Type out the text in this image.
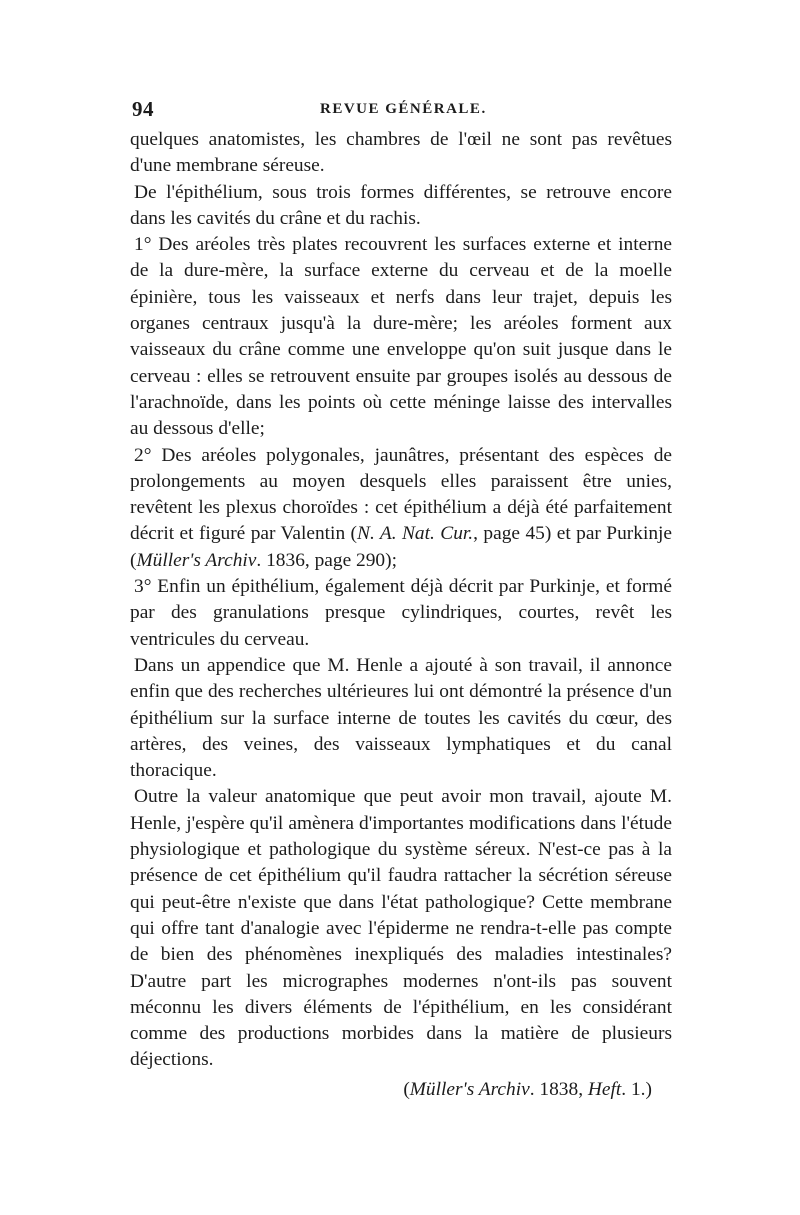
94	REVUE GÉNÉRALE.

quelques anatomistes, les chambres de l'œil ne sont pas revêtues d'une membrane séreuse.

De l'épithélium, sous trois formes différentes, se retrouve encore dans les cavités du crâne et du rachis.

1° Des aréoles très plates recouvrent les surfaces externe et interne de la dure-mère, la surface externe du cerveau et de la moelle épinière, tous les vaisseaux et nerfs dans leur trajet, depuis les organes centraux jusqu'à la dure-mère; les aréoles forment aux vaisseaux du crâne comme une enveloppe qu'on suit jusque dans le cerveau : elles se retrouvent ensuite par groupes isolés au dessous de l'arachnoïde, dans les points où cette méninge laisse des intervalles au dessous d'elle;

2° Des aréoles polygonales, jaunâtres, présentant des espèces de prolongements au moyen desquels elles paraissent être unies, revêtent les plexus choroïdes : cet épithélium a déjà été parfaitement décrit et figuré par Valentin (N. A. Nat. Cur., page 45) et par Purkinje (Müller's Archiv. 1836, page 290);

3° Enfin un épithélium, également déjà décrit par Purkinje, et formé par des granulations presque cylindriques, courtes, revêt les ventricules du cerveau.

Dans un appendice que M. Henle a ajouté à son travail, il annonce enfin que des recherches ultérieures lui ont démontré la présence d'un épithélium sur la surface interne de toutes les cavités du cœur, des artères, des veines, des vaisseaux lymphatiques et du canal thoracique.

Outre la valeur anatomique que peut avoir mon travail, ajoute M. Henle, j'espère qu'il amènera d'importantes modifications dans l'étude physiologique et pathologique du système séreux. N'est-ce pas à la présence de cet épithélium qu'il faudra rattacher la sécrétion séreuse qui peut-être n'existe que dans l'état pathologique? Cette membrane qui offre tant d'analogie avec l'épiderme ne rendra-t-elle pas compte de bien des phénomènes inexpliqués des maladies intestinales? D'autre part les micrographes modernes n'ont-ils pas souvent méconnu les divers éléments de l'épithélium, en les considérant comme des productions morbides dans la matière de plusieurs déjections.

(Müller's Archiv. 1838, Heft. 1.)
